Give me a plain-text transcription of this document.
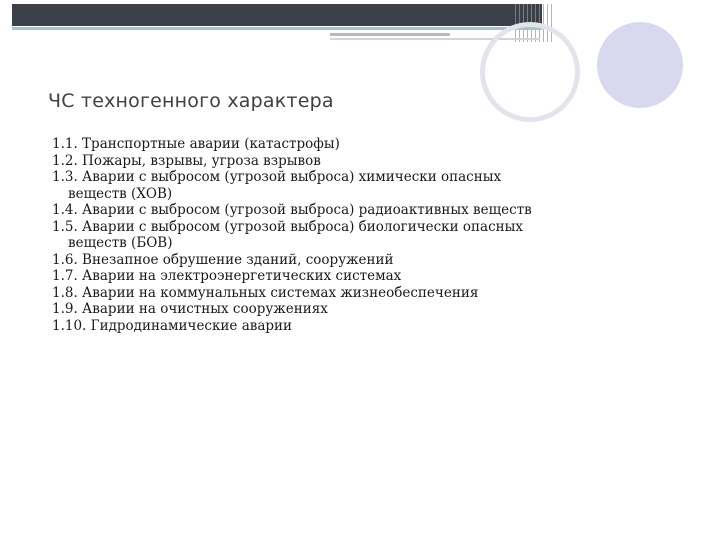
ЧС техногенного характера
1.1. Транспортные аварии (катастрофы)
1.2. Пожары, взрывы, угроза взрывов
1.3. Аварии с выбросом (угрозой выброса) химически опасных веществ (ХОВ)
1.4. Аварии с выбросом (угрозой выброса) радиоактивных веществ
1.5. Аварии с выбросом (угрозой выброса) биологически опасных веществ (БОВ)
1.6. Внезапное обрушение зданий, сооружений
1.7. Аварии на электроэнергетических системах
1.8. Аварии на коммунальных системах жизнеобеспечения
1.9. Аварии на очистных сооружениях
1.10. Гидродинамические аварии
